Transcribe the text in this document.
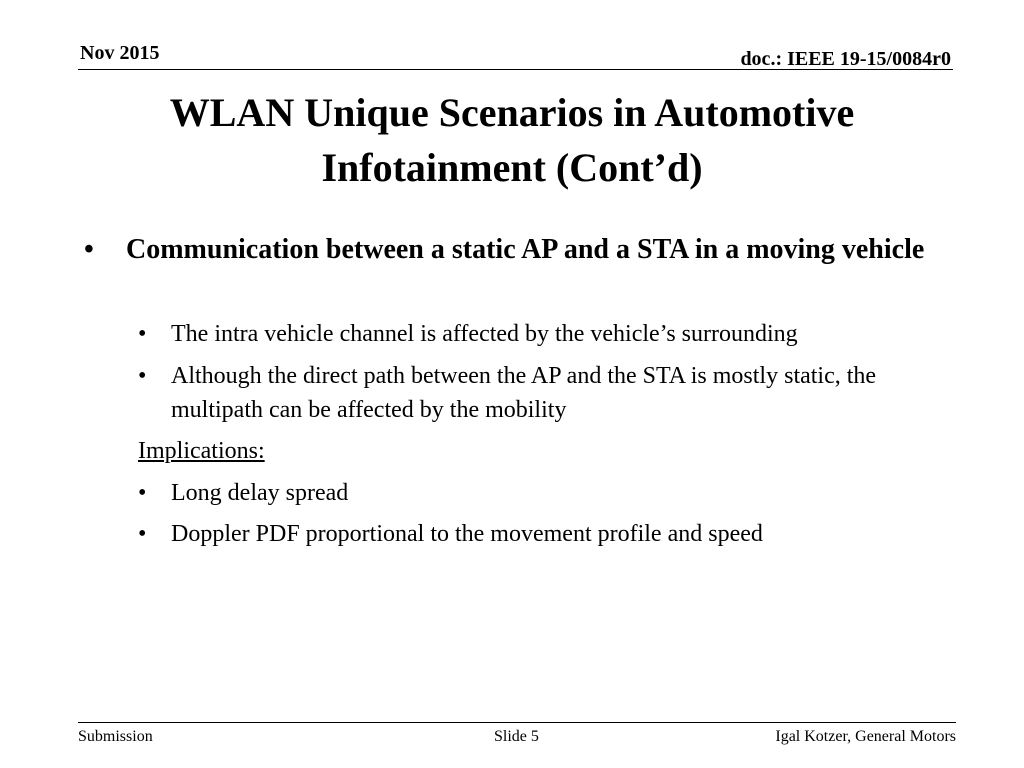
Nov 2015	doc.: IEEE 19-15/0084r0
WLAN Unique Scenarios in Automotive
Infotainment (Cont’d)
• Communication between a static AP and a STA in a moving vehicle
• The intra vehicle channel is affected by the vehicle’s surrounding
• Although the direct path between the AP and the STA is mostly static, the multipath can be affected by the mobility
Implications:
• Long delay spread
• Doppler PDF proportional to the movement profile and speed
Submission	Slide 5	Igal Kotzer, General Motors
